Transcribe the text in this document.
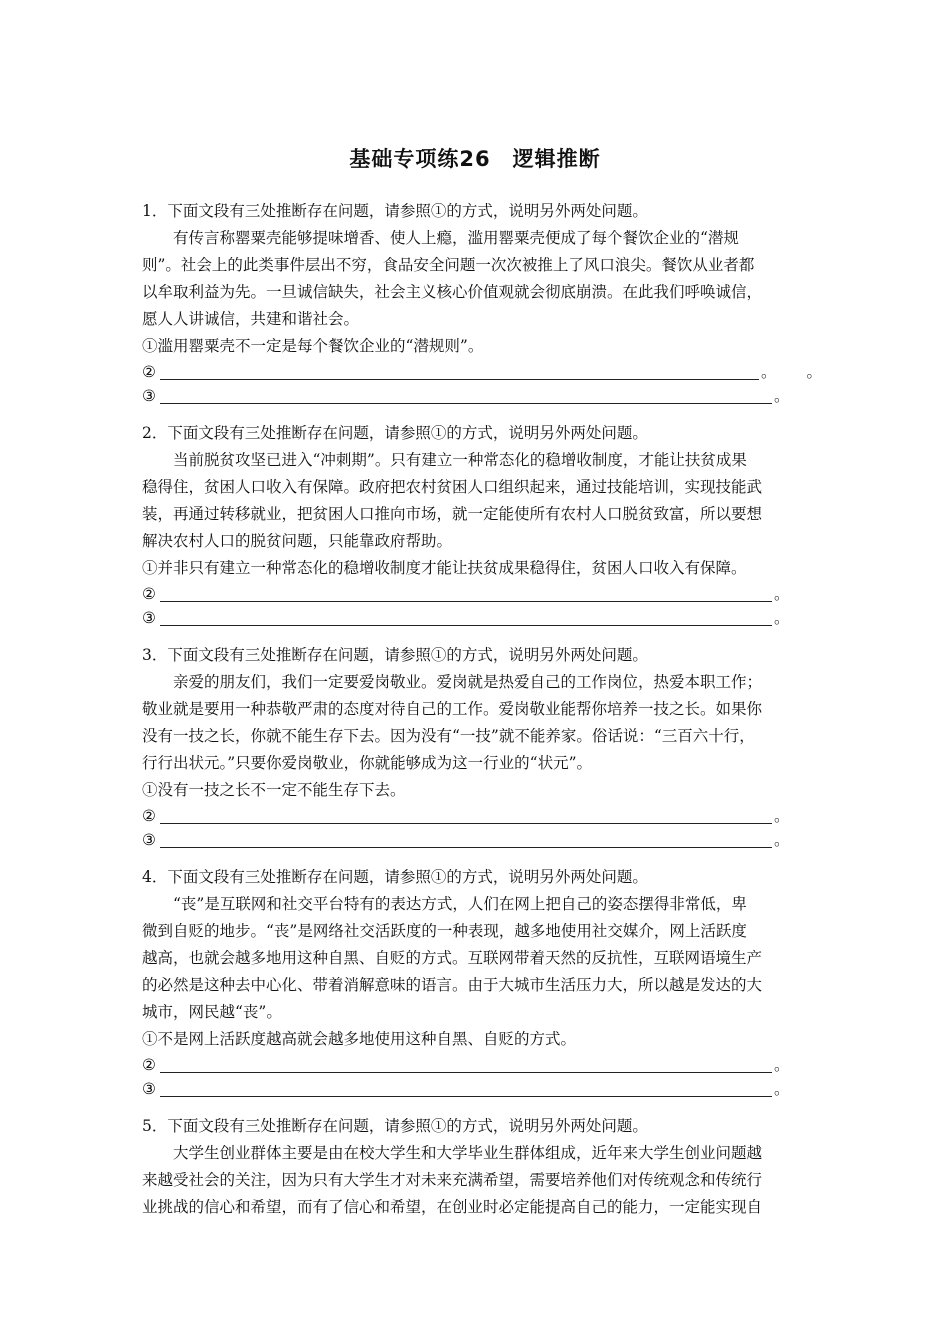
基础专项练26　逻辑推断
1．下面文段有三处推断存在问题，请参照①的方式，说明另外两处问题。
有传言称罂粟壳能够提味增香、使人上瘾，滥用罂粟壳便成了每个餐饮企业的“潜规
则”。社会上的此类事件层出不穷，食品安全问题一次次被推上了风口浪尖。餐饮从业者都
以牟取利益为先。一旦诚信缺失，社会主义核心价值观就会彻底崩溃。在此我们呼唤诚信，
愿人人讲诚信，共建和谐社会。
①滥用罂粟壳不一定是每个餐饮企业的“潜规则”。
②	。 。
③	。
2．下面文段有三处推断存在问题，请参照①的方式，说明另外两处问题。
当前脱贫攻坚已进入“冲刺期”。只有建立一种常态化的稳增收制度，才能让扶贫成果
稳得住，贫困人口收入有保障。政府把农村贫困人口组织起来，通过技能培训，实现技能武
装，再通过转移就业，把贫困人口推向市场，就一定能使所有农村人口脱贫致富，所以要想
解决农村人口的脱贫问题，只能靠政府帮助。
①并非只有建立一种常态化的稳增收制度才能让扶贫成果稳得住，贫困人口收入有保障。
②	。
③	。
3．下面文段有三处推断存在问题，请参照①的方式，说明另外两处问题。
亲爱的朋友们，我们一定要爱岗敬业。爱岗就是热爱自己的工作岗位，热爱本职工作；
敬业就是要用一种恭敬严肃的态度对待自己的工作。爱岗敬业能帮你培养一技之长。如果你
没有一技之长，你就不能生存下去。因为没有“一技”就不能养家。俗话说：“三百六十行，
行行出状元。”只要你爱岗敬业，你就能够成为这一行业的“状元”。
①没有一技之长不一定不能生存下去。
②	。
③	。
4．下面文段有三处推断存在问题，请参照①的方式，说明另外两处问题。
“丧”是互联网和社交平台特有的表达方式，人们在网上把自己的姿态摆得非常低，卑
微到自贬的地步。“丧”是网络社交活跃度的一种表现，越多地使用社交媒介，网上活跃度
越高，也就会越多地用这种自黑、自贬的方式。互联网带着天然的反抗性，互联网语境生产
的必然是这种去中心化、带着消解意味的语言。由于大城市生活压力大，所以越是发达的大
城市，网民越“丧”。
①不是网上活跃度越高就会越多地使用这种自黑、自贬的方式。
②	。
③	。
5．下面文段有三处推断存在问题，请参照①的方式，说明另外两处问题。
大学生创业群体主要是由在校大学生和大学毕业生群体组成，近年来大学生创业问题越
来越受社会的关注，因为只有大学生才对未来充满希望，需要培养他们对传统观念和传统行
业挑战的信心和希望，而有了信心和希望，在创业时必定能提高自己的能力，一定能实现自
